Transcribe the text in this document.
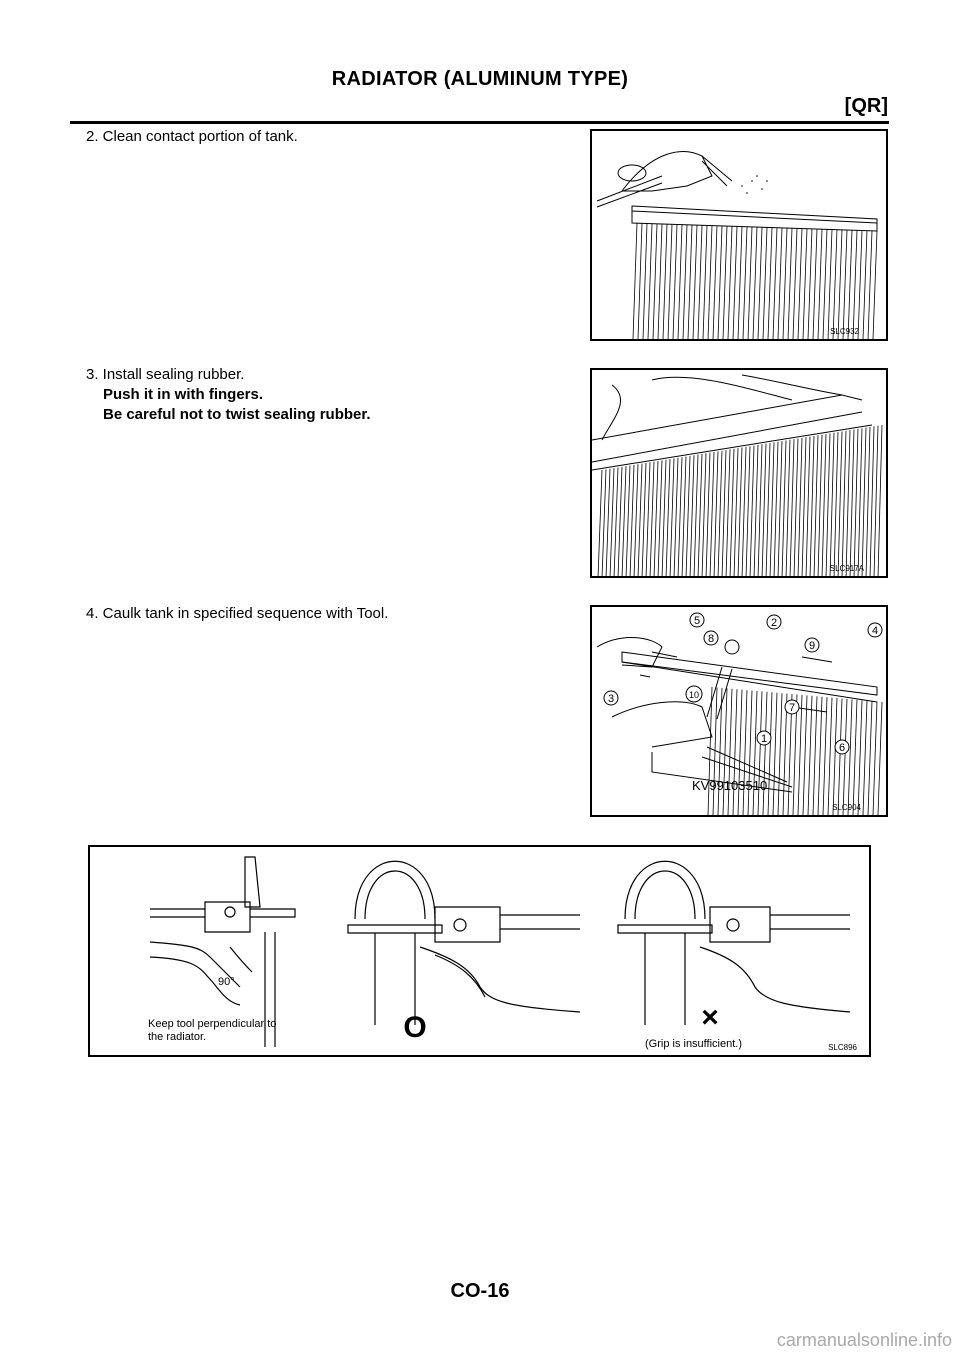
RADIATOR (ALUMINUM TYPE)
[QR]
2. Clean contact portion of tank.
3. Install sealing rubber.
Push it in with fingers.
Be careful not to twist sealing rubber.
4. Caulk tank in specified sequence with Tool.
SLC932
SLC917A
1
2
3
4
5
6
7
8
9
10
KV99103510
SLC904
90°
Keep tool perpendicular to
the radiator.	O	×
(Grip is insufficient.)	SLC896
CO-16
carmanualsonline.info
